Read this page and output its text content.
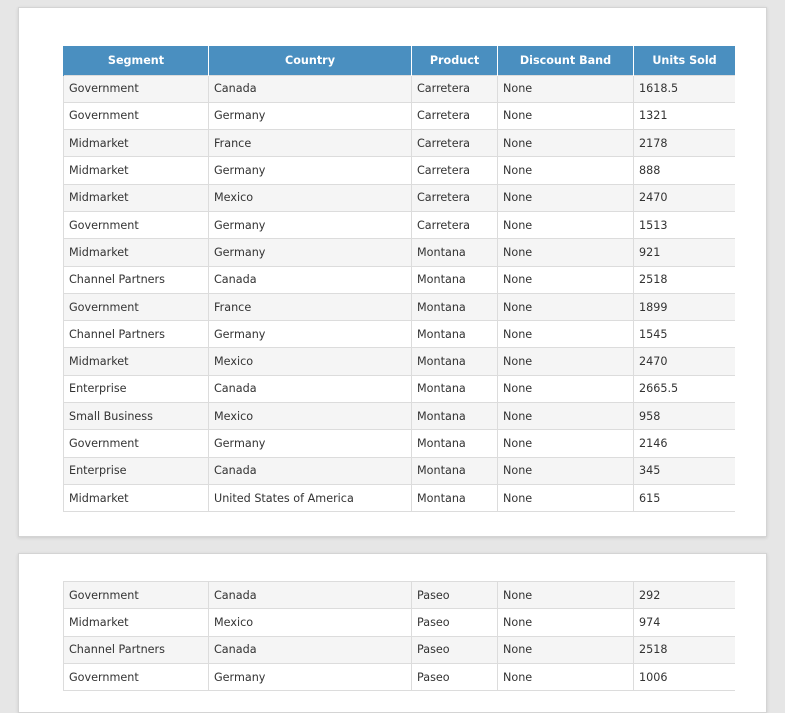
Segment	Country	Product	Discount Band	Units Sold
Government	Canada	Carretera	None	1618.5
Government	Germany	Carretera	None	1321
Midmarket	France	Carretera	None	2178
Midmarket	Germany	Carretera	None	888
Midmarket	Mexico	Carretera	None	2470
Government	Germany	Carretera	None	1513
Midmarket	Germany	Montana	None	921
Channel Partners	Canada	Montana	None	2518
Government	France	Montana	None	1899
Channel Partners	Germany	Montana	None	1545
Midmarket	Mexico	Montana	None	2470
Enterprise	Canada	Montana	None	2665.5
Small Business	Mexico	Montana	None	958
Government	Germany	Montana	None	2146
Enterprise	Canada	Montana	None	345
Midmarket	United States of America	Montana	None	615
Government	Canada	Paseo	None	292
Midmarket	Mexico	Paseo	None	974
Channel Partners	Canada	Paseo	None	2518
Government	Germany	Paseo	None	1006
